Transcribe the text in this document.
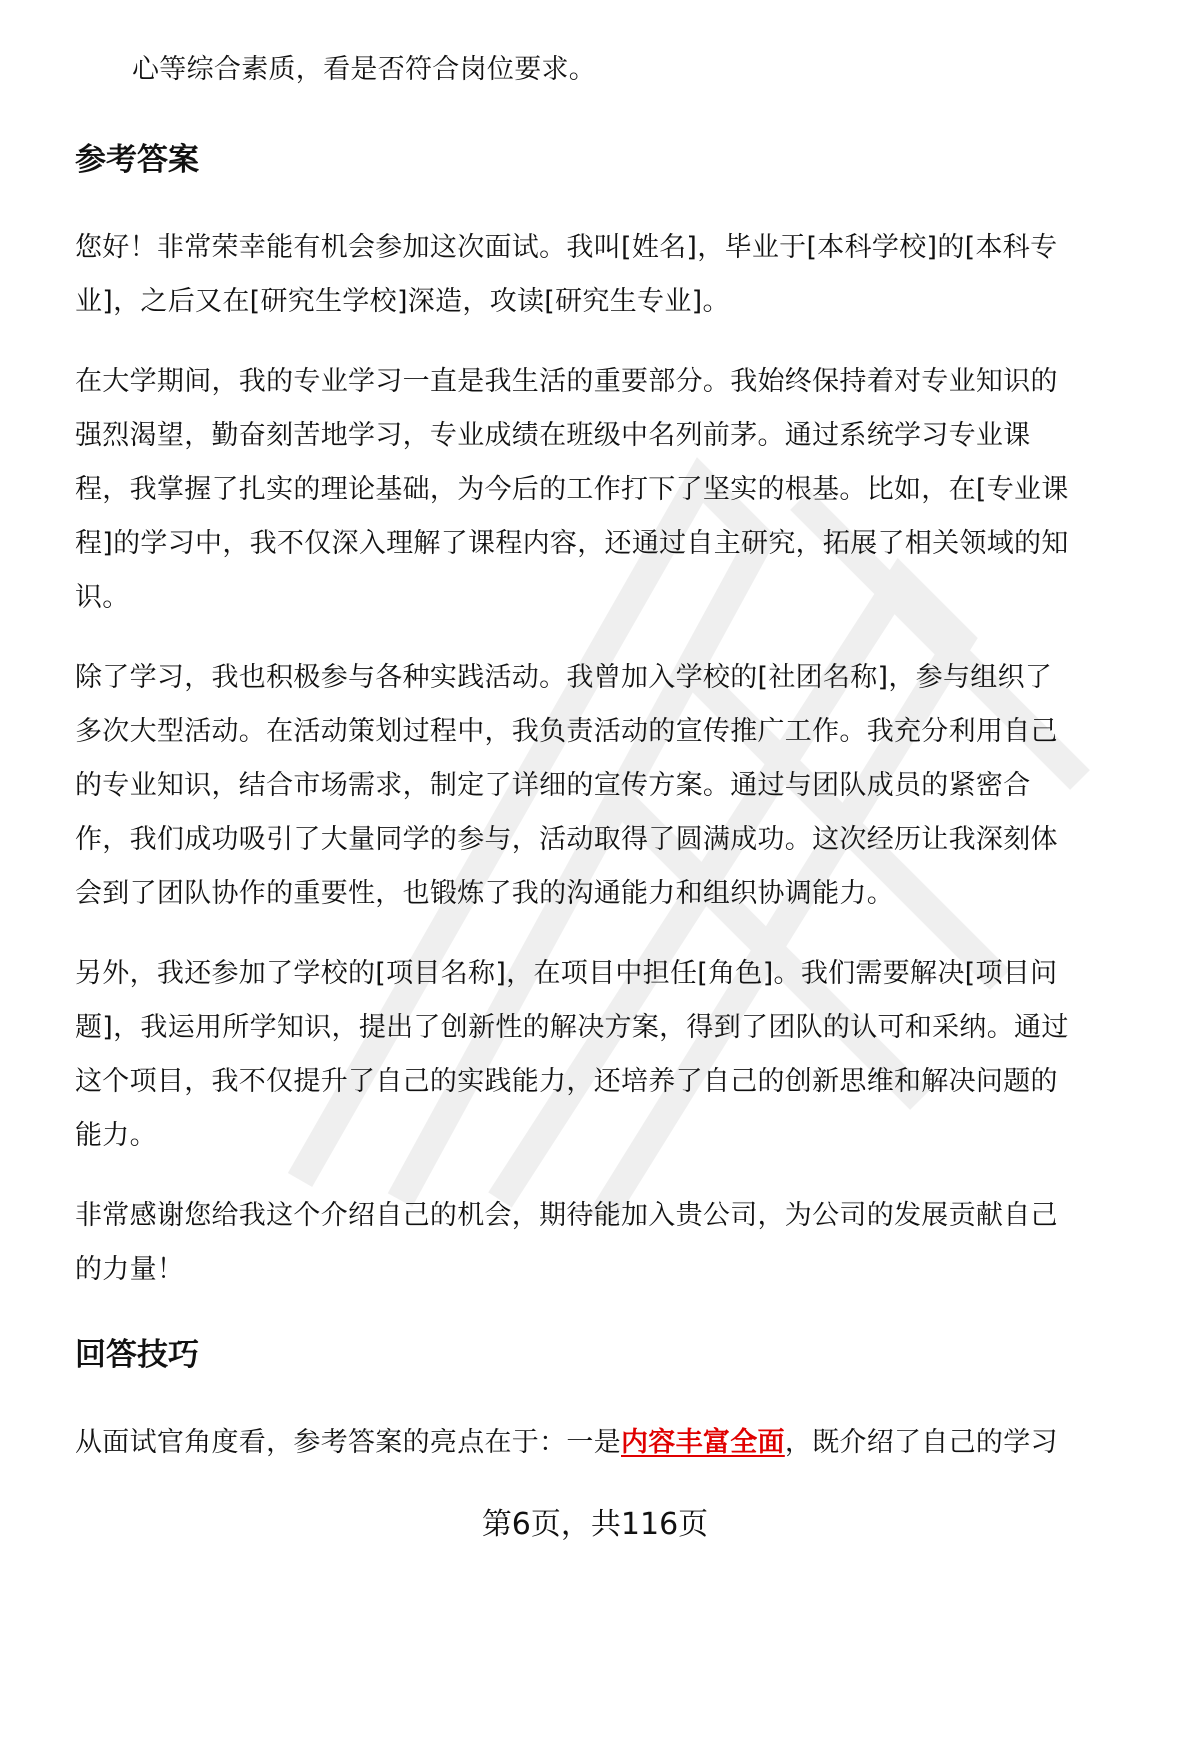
心等综合素质，看是否符合岗位要求。
参考答案
您好！非常荣幸能有机会参加这次面试。我叫[姓名]，毕业于[本科学校]的[本科专
业]，之后又在[研究生学校]深造，攻读[研究生专业]。
在大学期间，我的专业学习一直是我生活的重要部分。我始终保持着对专业知识的
强烈渴望，勤奋刻苦地学习，专业成绩在班级中名列前茅。通过系统学习专业课
程，我掌握了扎实的理论基础，为今后的工作打下了坚实的根基。比如，在[专业课
程]的学习中，我不仅深入理解了课程内容，还通过自主研究，拓展了相关领域的知
识。
除了学习，我也积极参与各种实践活动。我曾加入学校的[社团名称]，参与组织了
多次大型活动。在活动策划过程中，我负责活动的宣传推广工作。我充分利用自己
的专业知识，结合市场需求，制定了详细的宣传方案。通过与团队成员的紧密合
作，我们成功吸引了大量同学的参与，活动取得了圆满成功。这次经历让我深刻体
会到了团队协作的重要性，也锻炼了我的沟通能力和组织协调能力。
另外，我还参加了学校的[项目名称]，在项目中担任[角色]。我们需要解决[项目问
题]，我运用所学知识，提出了创新性的解决方案，得到了团队的认可和采纳。通过
这个项目，我不仅提升了自己的实践能力，还培养了自己的创新思维和解决问题的
能力。
非常感谢您给我这个介绍自己的机会，期待能加入贵公司，为公司的发展贡献自己
的力量！
回答技巧
从面试官角度看，参考答案的亮点在于：一是内容丰富全面，既介绍了自己的学习
第6页，共116页
